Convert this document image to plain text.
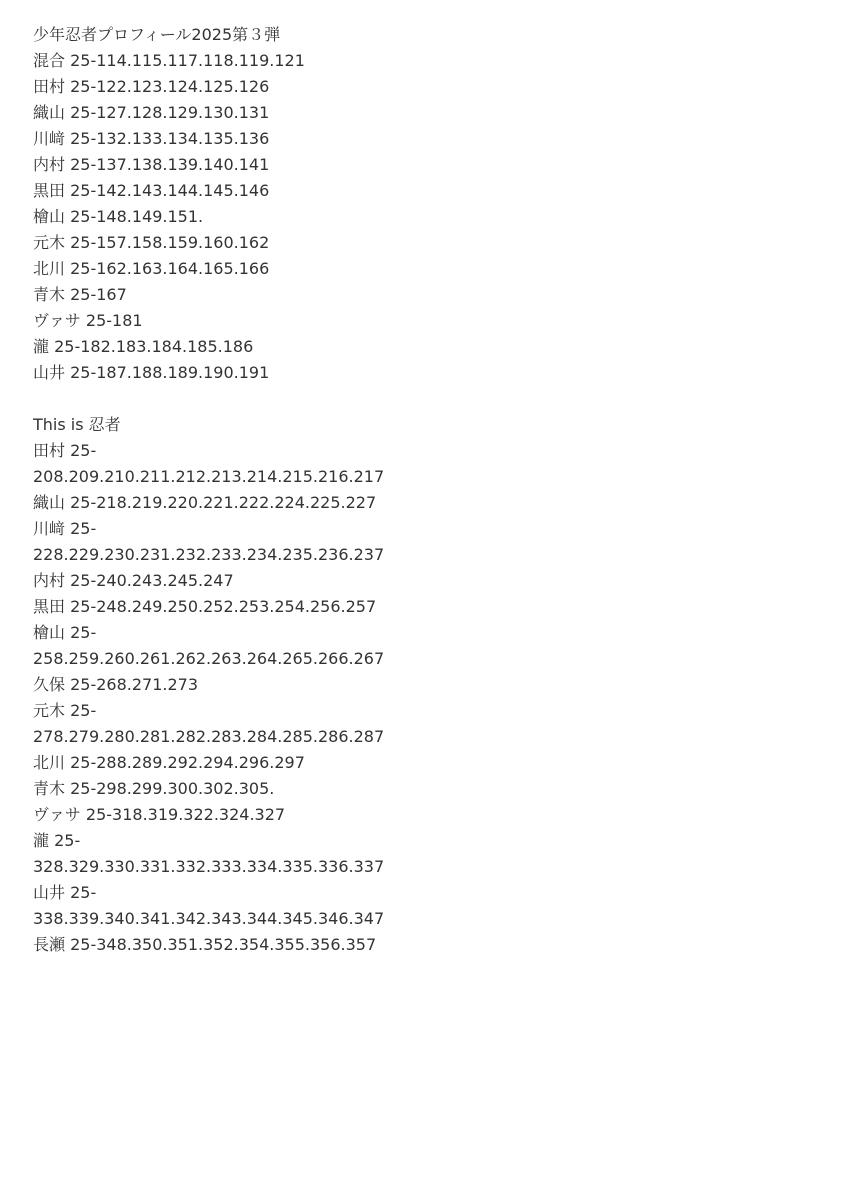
少年忍者プロフィール2025第３弾
混合 25-114.115.117.118.119.121
田村 25-122.123.124.125.126
織山 25-127.128.129.130.131
川﨑 25-132.133.134.135.136
内村 25-137.138.139.140.141
黒田 25-142.143.144.145.146
檜山 25-148.149.151.
元木 25-157.158.159.160.162
北川 25-162.163.164.165.166
青木 25-167
ヴァサ 25-181
瀧 25-182.183.184.185.186
山井 25-187.188.189.190.191
This is 忍者
田村 25-
208.209.210.211.212.213.214.215.216.217
織山 25-218.219.220.221.222.224.225.227
川﨑 25-
228.229.230.231.232.233.234.235.236.237
内村 25-240.243.245.247
黒田 25-248.249.250.252.253.254.256.257
檜山 25-
258.259.260.261.262.263.264.265.266.267
久保 25-268.271.273
元木 25-
278.279.280.281.282.283.284.285.286.287
北川 25-288.289.292.294.296.297
青木 25-298.299.300.302.305.
ヴァサ 25-318.319.322.324.327
瀧 25-
328.329.330.331.332.333.334.335.336.337
山井 25-
338.339.340.341.342.343.344.345.346.347
長瀬 25-348.350.351.352.354.355.356.357
